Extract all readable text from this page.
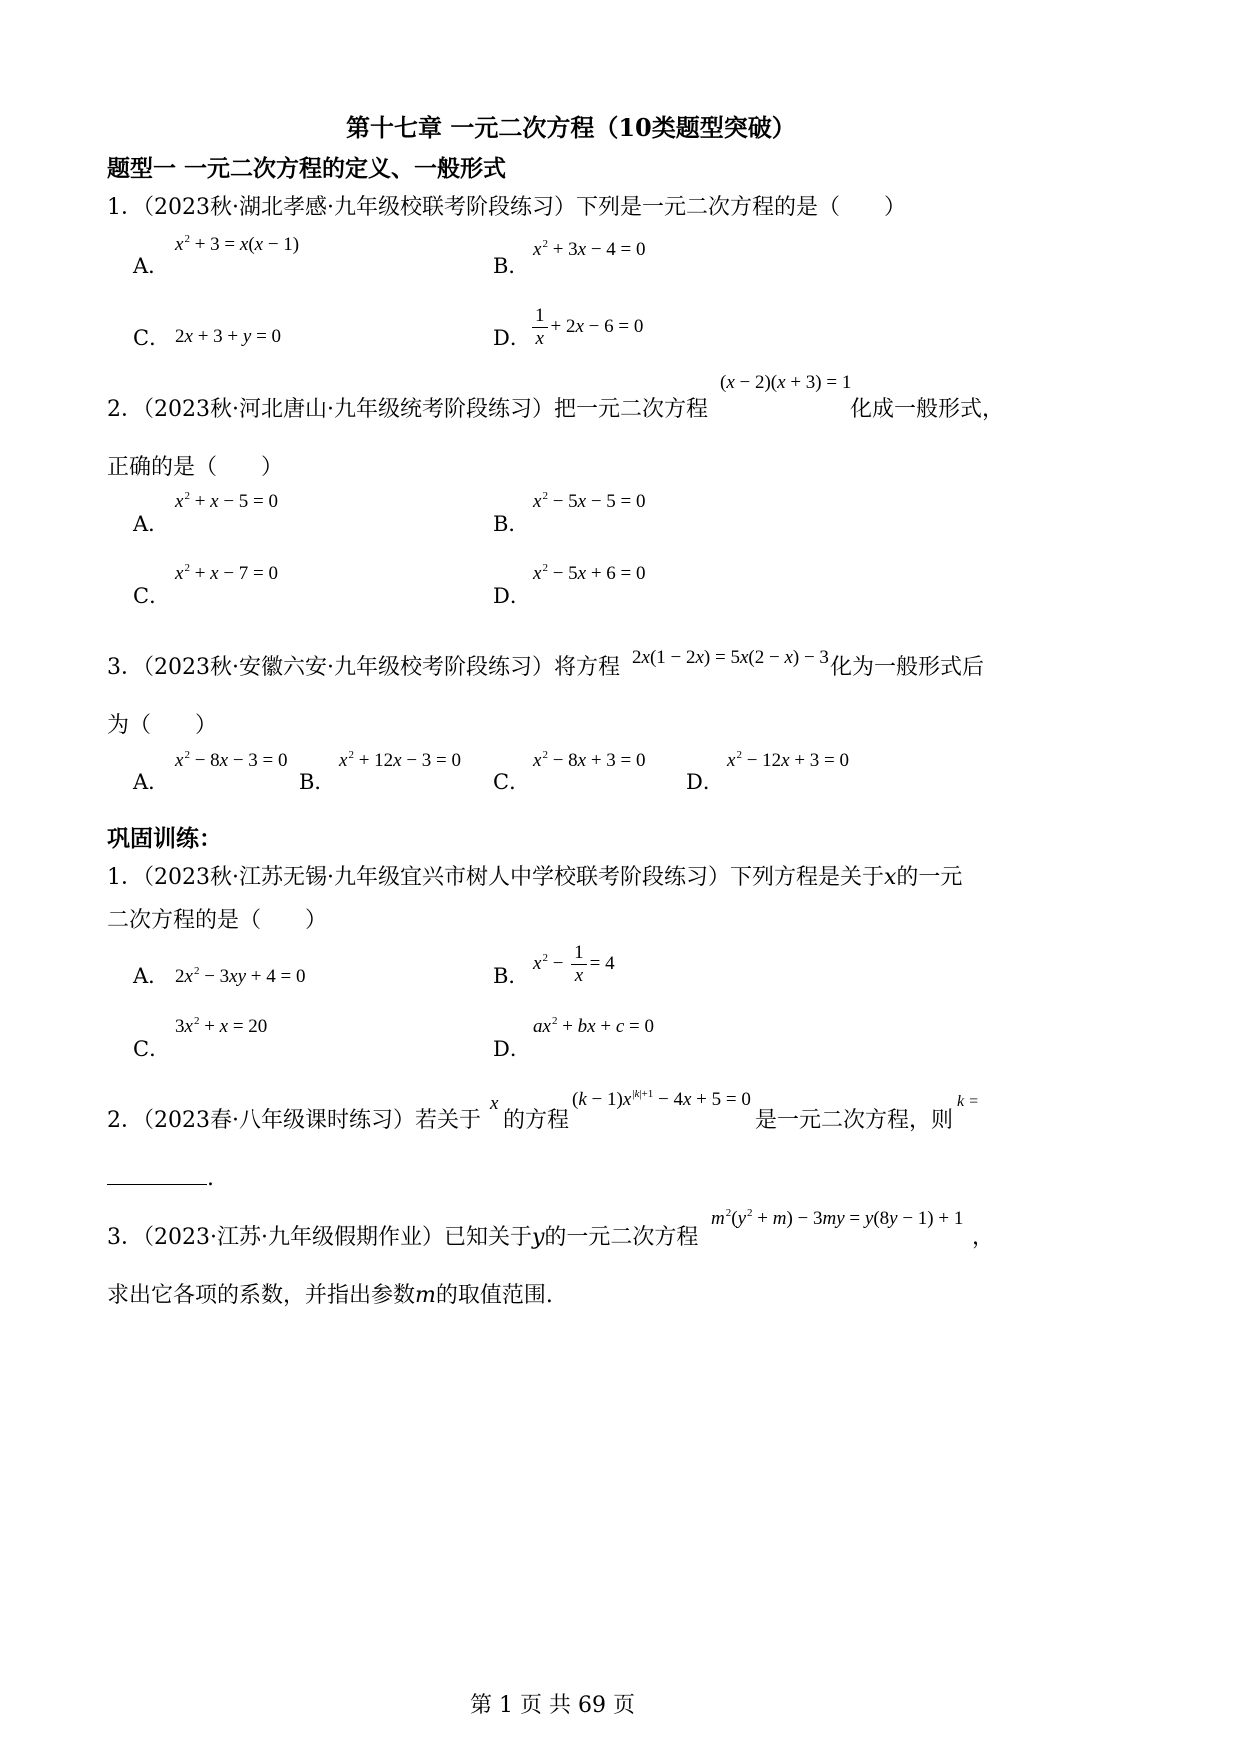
第十七章 一元二次方程（10类题型突破）
题型一 一元二次方程的定义、一般形式
1．（2023秋·湖北孝感·九年级校联考阶段练习）下列是一元二次方程的是（　　）
A．
$x^2 + 3 = x(x - 1)$
B．
$x^2 + 3x - 4 = 0$
C． 2x + 3 + y = 0	D． $\frac{1}{x} + 2x - 6 = 0$
2．（2023秋·河北唐山·九年级统考阶段练习）把一元二次方程
(x − 2)(x + 3) = 1
化成一般形式，
正确的是（　　）
A．
$x^2 + x - 5 = 0$
B．
$x^2 - 5x - 5 = 0$
C．
$x^2 + x - 7 = 0$
D．
$x^2 - 5x + 6 = 0$
3．（2023秋·安徽六安·九年级校考阶段练习）将方程 2x(1 − 2x) = 5x(2 − x) − 3 化为一般形式后
为（　　）
A．
$x^2 - 8x - 3 = 0$
B．
$x^2 + 12x - 3 = 0$
C．
$x^2 - 8x + 3 = 0$
D．
$x^2 - 12x + 3 = 0$
巩固训练：
1．（2023秋·江苏无锡·九年级宜兴市树人中学校联考阶段练习）下列方程是关于x的一元
二次方程的是（　　）
A． $2x^2 - 3xy + 4 = 0$	B．
$x^2 - \frac{1}{x} = 4$
C．
$3x^2 + x = 20$
D．
$ax^2$ + bx + c = 0
2．（2023春·八年级课时练习）若关于
x
的方程
$(k - 1)x^{|k|+1} - 4x + 5 = 0$
是一元二次方程，则
k =
.
3．（2023·江苏·九年级假期作业）已知关于y的一元二次方程
$m^2(y^2 + m) - 3my = y(8y - 1) + 1$
，
求出它各项的系数，并指出参数m的取值范围.
第 1 页 共 69 页
